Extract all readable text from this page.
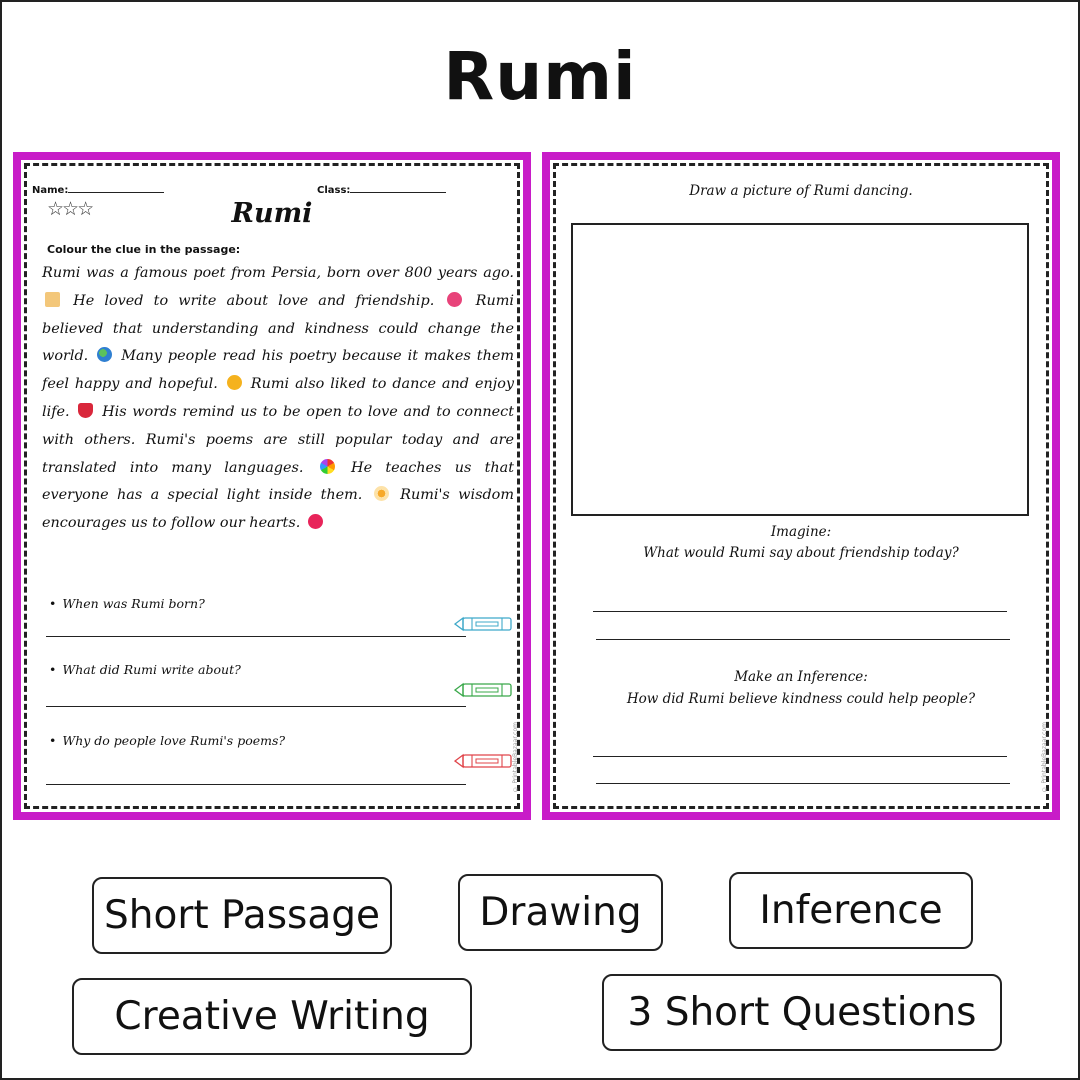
Rumi
Name:	Class:
☆☆☆	Rumi
Colour the clue in the passage:
Rumi was a famous poet from Persia, born over 800 years ago.  He loved to write about love and friendship.	Rumi believed that understanding and kindness could change the world. Many people read his poetry because it makes them feel happy and hopeful. Rumi also liked to dance and enjoy life. His words remind us to be open to love and to connect with others. Rumi's poems are still popular today and are translated into many languages.	He teaches us that everyone has a special light inside them.	Rumi's wisdom encourages us to follow our hearts.
• When was Rumi born?
• What did Rumi write about?
• Why do people love Rumi's poems?	© PrintableBazaar.com
Draw a picture of Rumi dancing.
Imagine:
What would Rumi say about friendship today?
Make an Inference:
How did Rumi believe kindness could help people?
© PrintableBazaar.com
Short Passage	Drawing	Inference
Creative Writing	3 Short Questions
